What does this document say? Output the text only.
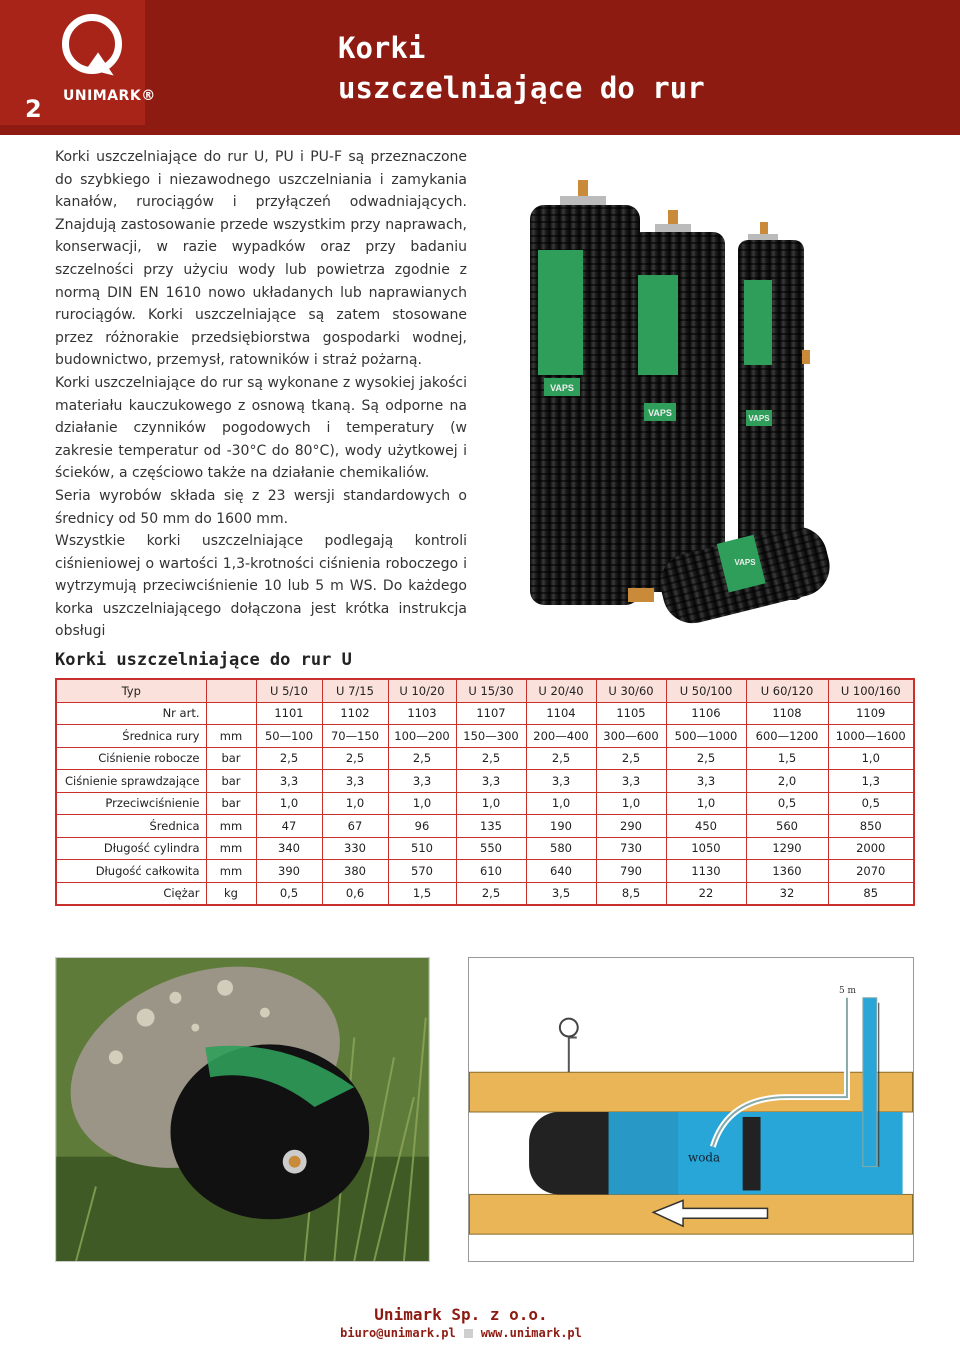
UNIMARK®
2
Korki
uszczelniające do rur

Korki uszczelniające do rur U, PU i PU-F są przeznaczone do szybkiego i niezawodnego uszczelniania i zamykania kanałów, rurociągów i przyłączeń odwadniających. Znajdują zastosowanie przede wszystkim przy naprawach, konserwacji, w razie wypadków oraz przy badaniu szczelności przy użyciu wody lub powietrza zgodnie z normą DIN EN 1610 nowo układanych lub naprawianych rurociągów. Korki uszczelniające są zatem stosowane przez różnorakie przedsiębiorstwa gospodarki wodnej, budownictwo, przemysł, ratowników i straż pożarną.

Korki uszczelniające do rur są wykonane z wysokiej jakości materiału kauczukowego z osnową tkaną. Są odporne na działanie czynników pogodowych i temperatury (w zakresie temperatur od -30°C do 80°C), wody użytkowej i ścieków, a częściowo także na działanie chemikaliów.

Seria wyrobów składa się z 23 wersji standardowych o średnicy od 50 mm do 1600 mm.

Wszystkie korki uszczelniające podlegają kontroli ciśnieniowej o wartości 1,3-krotności ciśnienia roboczego i wytrzymują przeciwciśnienie 10 lub 5 m WS. Do każdego korka uszczelniającego dołączona jest krótka instrukcja obsługi

VAPS
VAPS
VAPS
VAPS
Korki uszczelniające do rur U
Typ		U 5/10	U 7/15	U 10/20	U 15/30	U 20/40	U 30/60	U 50/100	U 60/120	U 100/160
Nr art.		1101	1102	1103	1107	1104	1105	1106	1108	1109
Średnica rury	mm	50—100	70—150	100—200	150—300	200—400	300—600	500—1000	600—1200	1000—1600
Ciśnienie robocze	bar	2,5	2,5	2,5	2,5	2,5	2,5	2,5	1,5	1,0
Ciśnienie sprawdzające	bar	3,3	3,3	3,3	3,3	3,3	3,3	3,3	2,0	1,3
Przeciwciśnienie	bar	1,0	1,0	1,0	1,0	1,0	1,0	1,0	0,5	0,5
Średnica	mm	47	67	96	135	190	290	450	560	850
Długość cylindra	mm	340	330	510	550	580	730	1050	1290	2000
Długość całkowita	mm	390	380	570	610	640	790	1130	1360	2070
Ciężar	kg	0,5	0,6	1,5	2,5	3,5	8,5	22	32	85
woda
5 m
Unimark Sp. z o.o.
biuro@unimark.pl www.unimark.pl
